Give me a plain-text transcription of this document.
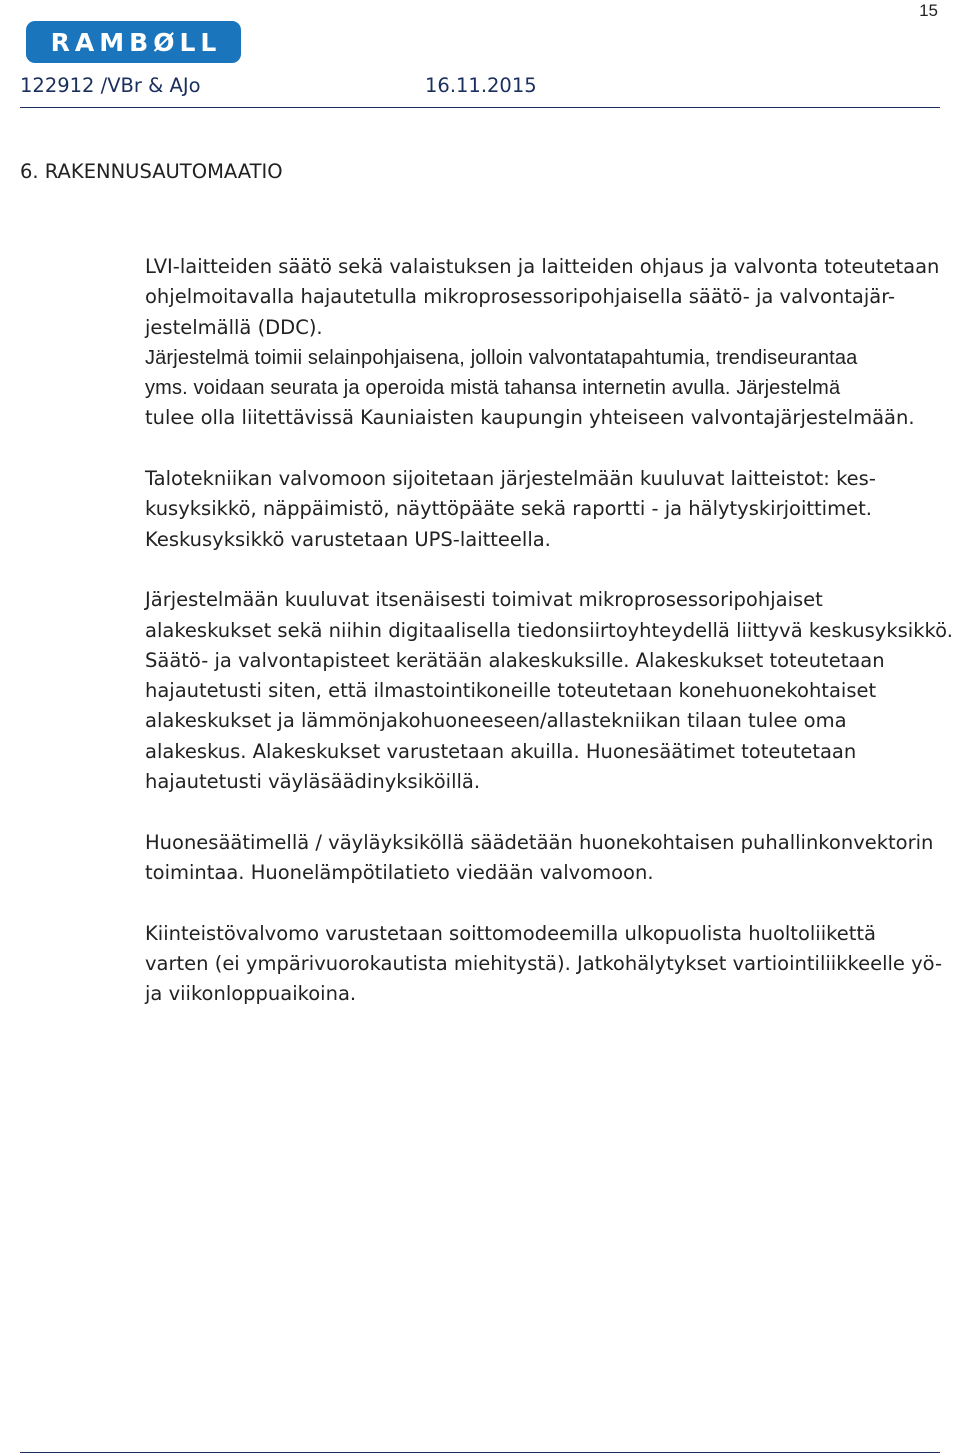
15
RAMBØLL
122912 /VBr & AJo	16.11.2015
6. RAKENNUSAUTOMAATIO

LVI-laitteiden säätö sekä valaistuksen ja laitteiden ohjaus ja valvonta toteutetaan
ohjelmoitavalla hajautetulla mikroprosessoripohjaisella säätö- ja valvontajär-
jestelmällä (DDC).
Järjestelmä toimii selainpohjaisena, jolloin valvontatapahtumia, trendiseurantaa
yms. voidaan seurata ja operoida mistä tahansa internetin avulla. Järjestelmä
tulee olla liitettävissä Kauniaisten kaupungin yhteiseen valvontajärjestelmään.

Talotekniikan valvomoon sijoitetaan järjestelmään kuuluvat laitteistot: kes-
kusyksikkö, näppäimistö, näyttöpääte sekä raportti - ja hälytyskirjoittimet.
Keskusyksikkö varustetaan UPS-laitteella.

Järjestelmään kuuluvat itsenäisesti toimivat mikroprosessoripohjaiset
alakeskukset sekä niihin digitaalisella tiedonsiirtoyhteydellä liittyvä keskusyksikkö.
Säätö- ja valvontapisteet kerätään alakeskuksille. Alakeskukset toteutetaan
hajautetusti siten, että ilmastointikoneille toteutetaan konehuonekohtaiset
alakeskukset ja lämmönjakohuoneeseen/allastekniikan tilaan tulee oma
alakeskus. Alakeskukset varustetaan akuilla. Huonesäätimet toteutetaan
hajautetusti väyläsäädinyksiköillä.

Huonesäätimellä / väyläyksiköllä säädetään huonekohtaisen puhallinkonvektorin
toimintaa. Huonelämpötilatieto viedään valvomoon.

Kiinteistövalvomo varustetaan soittomodeemilla ulkopuolista huoltoliikettä
varten (ei ympärivuorokautista miehitystä). Jatkohälytykset vartiointiliikkeelle yö-
ja viikonloppuaikoina.
